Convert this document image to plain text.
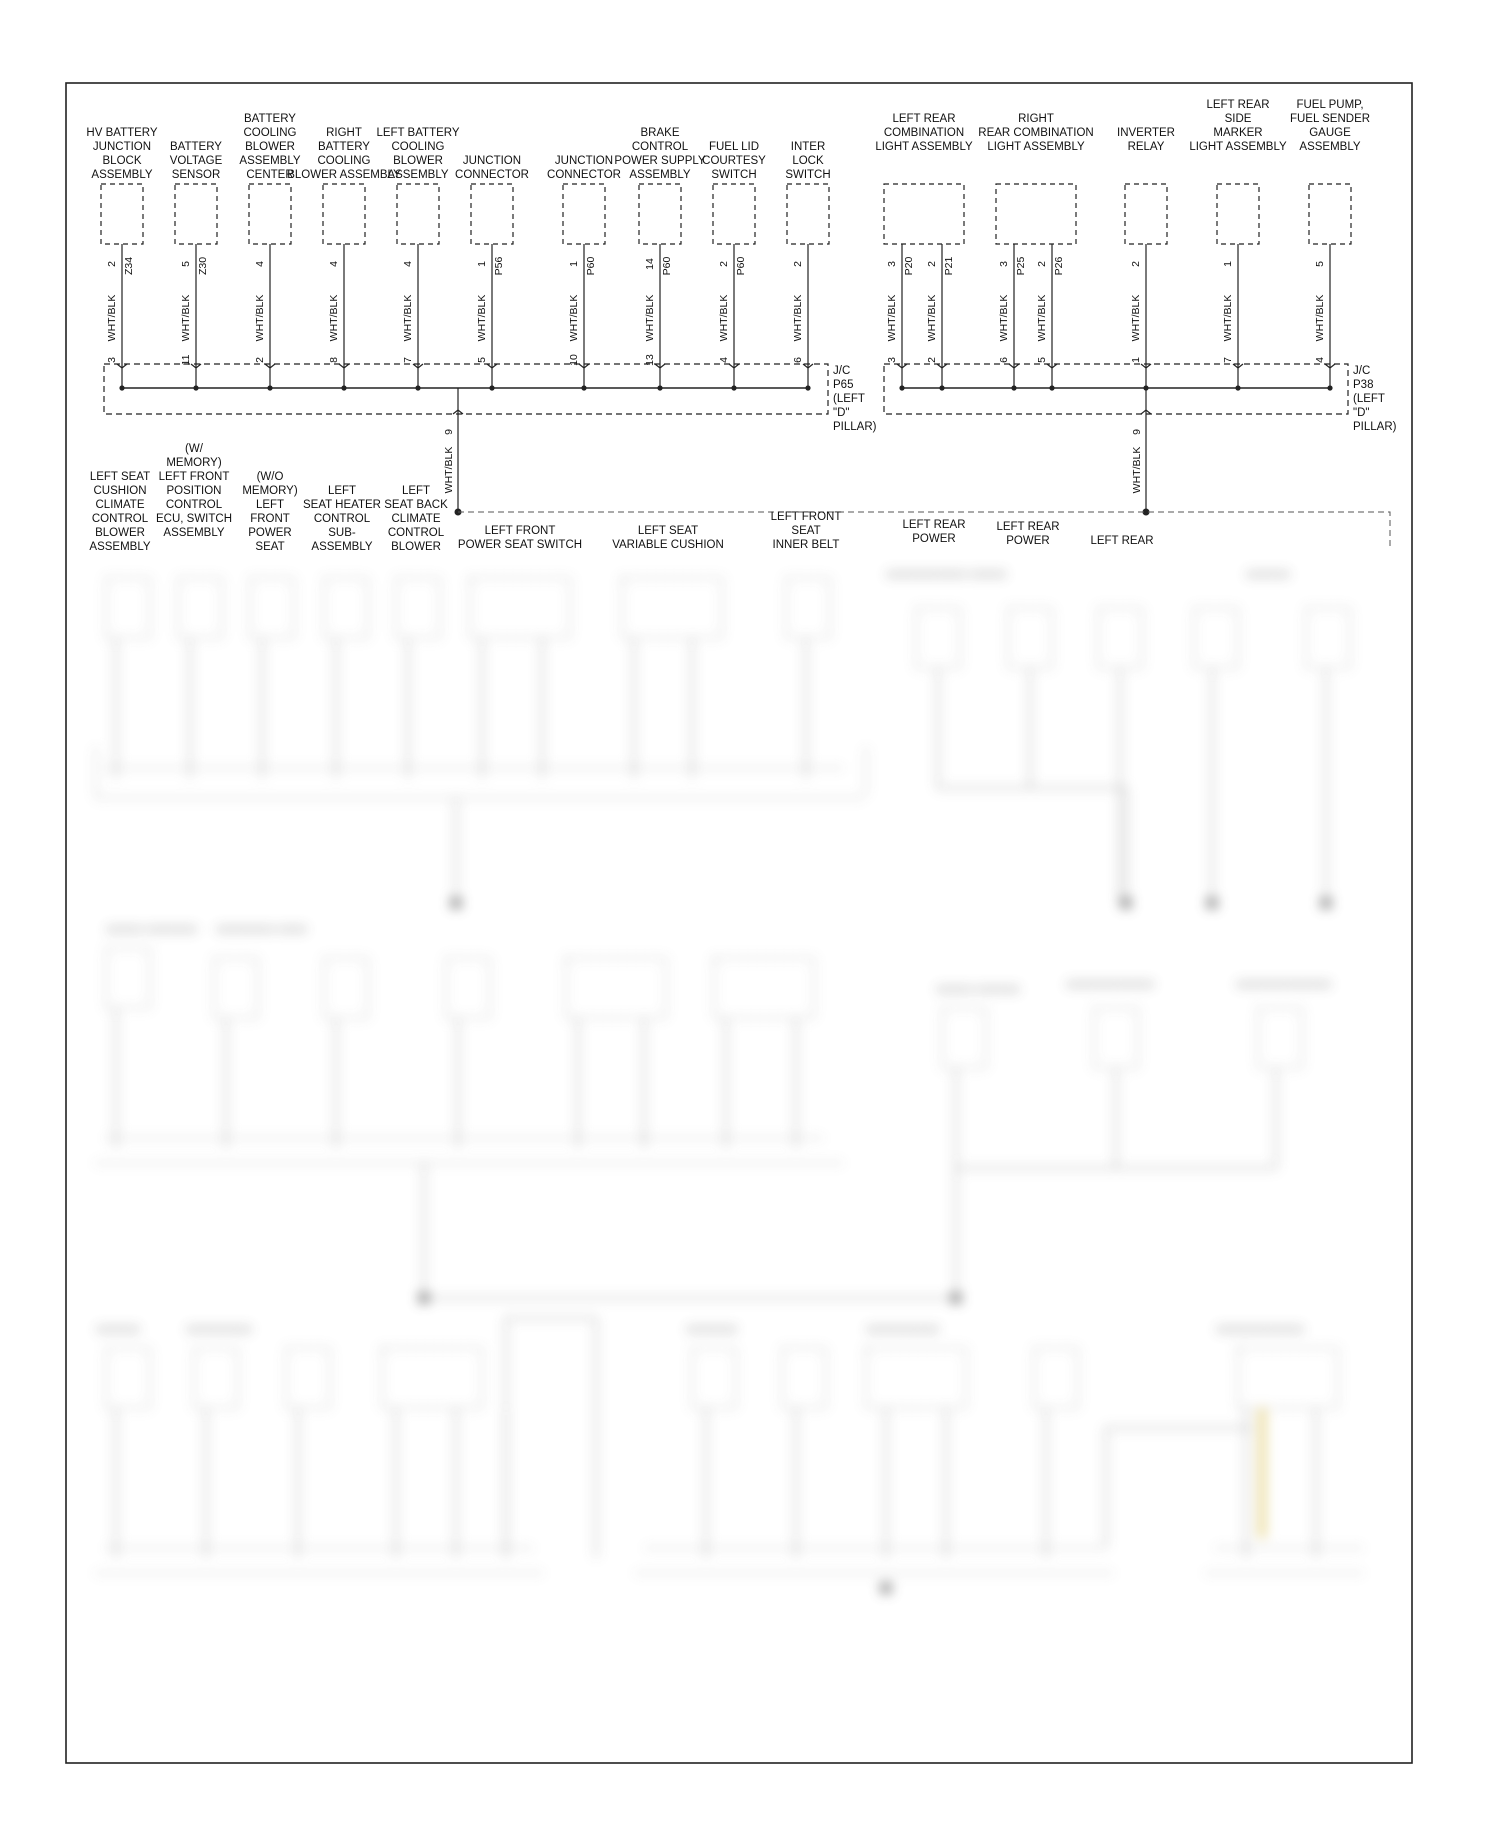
HV BATTERY
JUNCTION
BLOCK
ASSEMBLY
2 Z34
WHT/BLK
3
BATTERY
VOLTAGE
SENSOR
5 Z30
WHT/BLK
11
BATTERY
COOLING
BLOWER
ASSEMBLY
CENTER
4
WHT/BLK
2
RIGHT
BATTERY
COOLING
BLOWER ASSEMBLY
4
WHT/BLK
8
LEFT BATTERY
COOLING
BLOWER
ASSEMBLY
4
WHT/BLK
7
JUNCTION
CONNECTOR
1 P56
WHT/BLK
5
JUNCTION
CONNECTOR
1 P60
WHT/BLK
10
BRAKE
CONTROL
POWER SUPPLY
ASSEMBLY
14 P60
WHT/BLK
13
FUEL LID
COURTESY
SWITCH
2 P60
WHT/BLK
4
INTER
LOCK
SWITCH
2
WHT/BLK
6
J/C
P65
(LEFT
"D"
PILLAR)
9
WHT/BLK
LEFT REAR
COMBINATION
LIGHT ASSEMBLY
3 P20
WHT/BLK
3
2 P21
WHT/BLK
2
RIGHT
REAR COMBINATION
LIGHT ASSEMBLY
3 P25
WHT/BLK
6
2 P26
WHT/BLK
5
INVERTER
RELAY
2
WHT/BLK
1
LEFT REAR
SIDE
MARKER
LIGHT ASSEMBLY
1
WHT/BLK
7
FUEL PUMP,
FUEL SENDER
GAUGE
ASSEMBLY
5
WHT/BLK
4
J/C
P38
(LEFT
"D"
PILLAR)
9
WHT/BLK
LEFT SEAT
CUSHION
CLIMATE
CONTROL
BLOWER
ASSEMBLY
(W/
MEMORY)
LEFT FRONT
POSITION
CONTROL
ECU, SWITCH
ASSEMBLY
(W/O
MEMORY)
LEFT
FRONT
POWER
SEAT
LEFT
SEAT HEATER
CONTROL
SUB-
ASSEMBLY
LEFT
SEAT BACK
CLIMATE
CONTROL
BLOWER
LEFT FRONT
POWER SEAT SWITCH
LEFT SEAT
VARIABLE CUSHION
LEFT FRONT
SEAT
INNER BELT
LEFT REAR
POWER
LEFT REAR
POWER	LEFT REAR
XXXXXXXXXXX XXXXX	XXXXXX
XXXXX XXXXXXX XXXXXXXX XXXX
XXXXX XXXXXX	XXXXXXXXXXXX	XXXXXXXXXXXXX
XXXXXX	XXXXXXXXX	XXXXXXX	XXXXXXXXXX	XXXXXXXXXXXX
